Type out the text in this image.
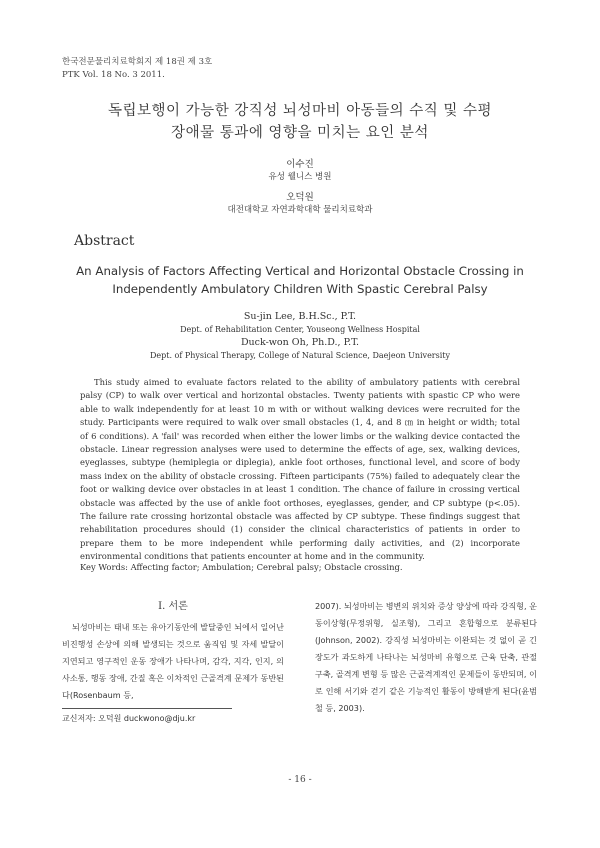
한국전문물리치료학회지 제 18권 제 3호
PTK Vol. 18 No. 3 2011.
독립보행이 가능한 강직성 뇌성마비 아동들의 수직 및 수평
장애물 통과에 영향을 미치는 요인 분석
이수진
유성 웰니스 병원
오덕원
대전대학교 자연과학대학 물리치료학과
Abstract
An Analysis of Factors Affecting Vertical and Horizontal Obstacle Crossing in
Independently Ambulatory Children With Spastic Cerebral Palsy
Su-jin Lee, B.H.Sc., P.T.
Dept. of Rehabilitation Center, Youseong Wellness Hospital
Duck-won Oh, Ph.D., P.T.
Dept. of Physical Therapy, College of Natural Science, Daejeon University
This study aimed to evaluate factors related to the ability of ambulatory patients with cerebral palsy (CP) to walk over vertical and horizontal obstacles. Twenty patients with spastic CP who were able to walk independently for at least 10 m with or without walking devices were recruited for the study. Participants were required to walk over small obstacles (1, 4, and 8 ㎝ in height or width; total of 6 conditions). A 'fail' was recorded when either the lower limbs or the walking device contacted the obstacle. Linear regression analyses were used to determine the effects of age, sex, walking devices, eyeglasses, subtype (hemiplegia or diplegia), ankle foot orthoses, functional level, and score of body mass index on the ability of obstacle crossing. Fifteen participants (75%) failed to adequately clear the foot or walking device over obstacles in at least 1 condition. The chance of failure in crossing vertical obstacle was affected by the use of ankle foot orthoses, eyeglasses, gender, and CP subtype (p<.05). The failure rate crossing horizontal obstacle was affected by CP subtype. These findings suggest that rehabilitation procedures should (1) consider the clinical characteristics of patients in order to prepare them to be more independent while performing daily activities, and (2) incorporate environmental conditions that patients encounter at home and in the community.
Key Words: Affecting factor; Ambulation; Cerebral palsy; Obstacle crossing.
Ⅰ. 서론
뇌성마비는 태내 또는 유아기동안에 발달중인 뇌에서 일어난 비진행성 손상에 의해 발생되는 것으로 움직임 및 자세 발달이 지연되고 영구적인 운동 장애가 나타나며, 감각, 지각, 인지, 의사소통, 행동 장애, 간질 혹은 이차적인 근골격계 문제가 동반된다(Rosenbaum 등,
2007). 뇌성마비는 병변의 위치와 증상 양상에 따라 강직형, 운동이상형(무정위형, 실조형), 그리고 혼합형으로 분류된다(Johnson, 2002). 강직성 뇌성마비는 이완되는 것 없이 곧 긴장도가 과도하게 나타나는 뇌성마비 유형으로 근육 단축, 관절 구축, 골격계 변형 등 많은 근골격계적인 문제들이 동반되며, 이로 인해 서기와 걷기 같은 기능적인 활동이 방해받게 된다(윤범철 등, 2003).
교신저자: 오덕원 duckwono@dju.kr
- 16 -
